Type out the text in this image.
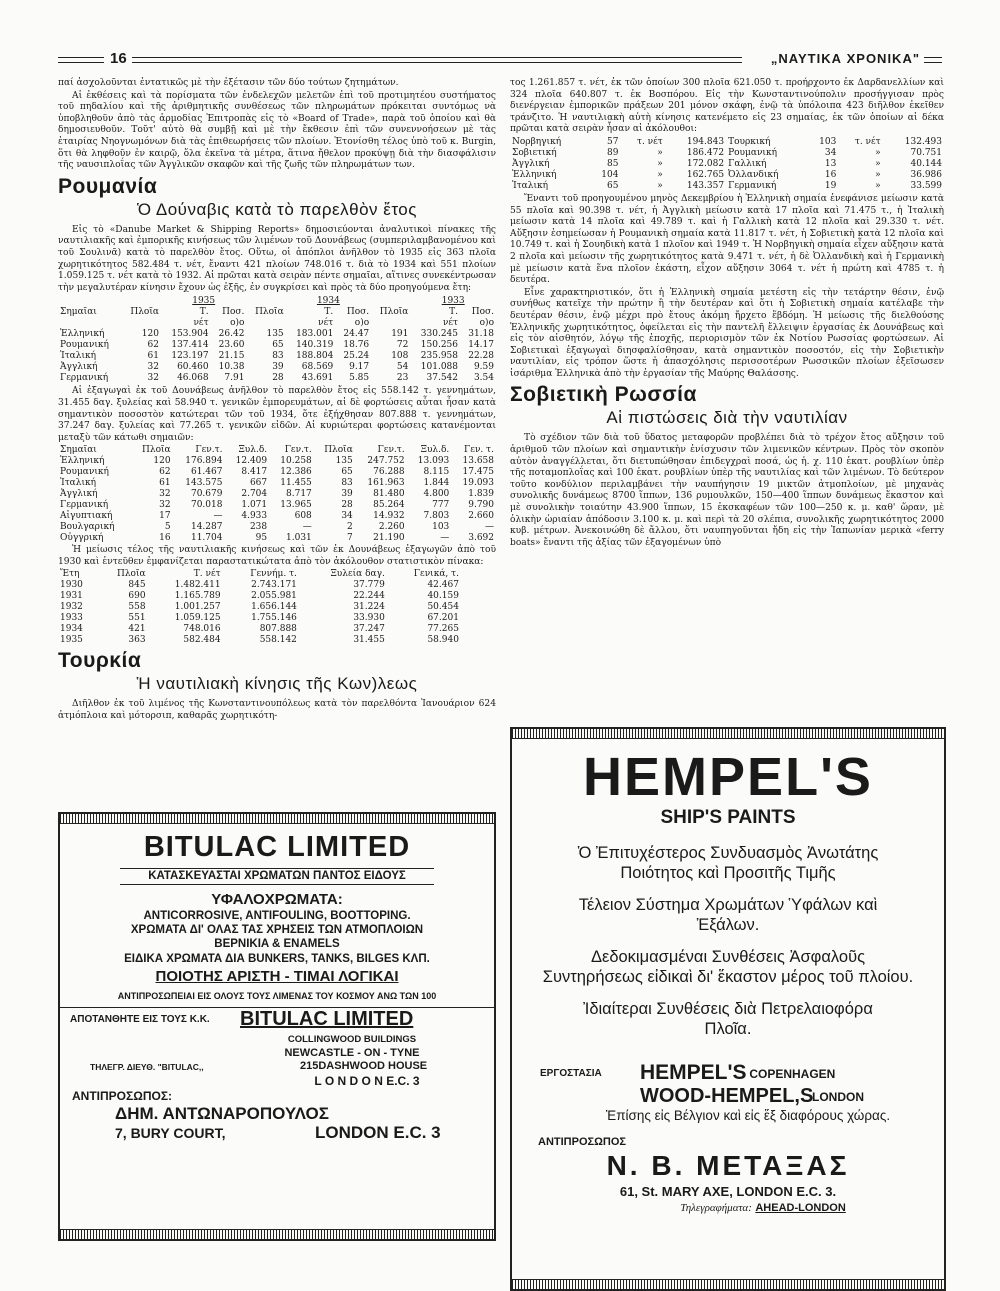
16	„ΝΑΥΤΙΚΑ ΧΡΟΝΙΚΑ"

παί ἀσχολοῦνται ἐντατικῶς μὲ τὴν ἐξέτασιν τῶν δύο τούτων ζητημάτων.

Αἱ ἐκθέσεις καὶ τὰ πορίσματα τῶν ἐνδελεχῶν μελετῶν ἐπὶ τοῦ προτιμητέου συστήματος τοῦ πηδαλίου καὶ τῆς ἀριθμητικῆς συνθέσεως τῶν πληρωμάτων πρόκειται συντόμως νὰ ὑποβληθοῦν ἀπὸ τὰς ἁρμοδίας Ἐπιτροπὰς εἰς τὸ «Board of Trade», παρὰ τοῦ ὁποίου καὶ θὰ δημοσιευθοῦν. Τοῦτ' αὐτὸ θὰ συμβῇ καὶ μὲ τὴν ἔκθεσιν ἐπὶ τῶν συνεννοήσεων μὲ τὰς ἑταιρίας Νηογνωμόνων διὰ τὰς ἐπιθεωρήσεις τῶν πλοίων. Ἐτονίσθη τέλος ὑπὸ τοῦ κ. Burgin, ὅτι θὰ ληφθοῦν ἐν καιρῷ, ὅλα ἐκεῖνα τὰ μέτρα, ἅτινα ἤθελον προκύψῃ διὰ τὴν διασφάλισιν τῆς ναυσιπλοΐας τῶν Ἀγγλικῶν σκαφῶν καὶ τῆς ζωῆς τῶν πληρωμάτων των.

Ρουμανία
Ὁ Δούναβις κατὰ τὸ παρελθὸν ἔτος

Εἰς τὸ «Danube Market & Shipping Reports» δημοσιεύονται ἀναλυτικοὶ πίνακες τῆς ναυτιλιακῆς καὶ ἐμπορικῆς κινήσεως τῶν λιμένων τοῦ Δουνάβεως (συμπεριλαμβανομένου καὶ τοῦ Σουλινᾶ) κατὰ τὸ παρελθὸν ἔτος. Οὕτω, οἱ ἀπόπλοι ἀνῆλθον τὸ 1935 εἰς 363 πλοῖα χωρητικότητος 582.484 τ. νέτ, ἔναντι 421 πλοίων 748.016 τ. διὰ τὸ 1934 καὶ 551 πλοίων 1.059.125 τ. νέτ κατὰ τὸ 1932. Αἱ πρῶται κατὰ σειρὰν πέντε σημαῖαι, αἵτινες συνεκέντρωσαν τὴν μεγαλυτέραν κίνησιν ἔχουν ὡς ἑξῆς, ἐν συγκρίσει καὶ πρὸς τὰ δύο προηγούμενα ἔτη:

		1935			1934			1933	
Σημαῖαι	Πλοῖα	Τ.	Ποσ.	Πλοῖα	Τ.	Ποσ.	Πλοῖα	Τ.	Ποσ.
		νέτ	ο)ο		νέτ	ο)ο		νέτ	ο)ο
Ἑλληνική	120	153.904	26.42	135	183.001	24.47	191	330.245	31.18
Ρουμανική	62	137.414	23.60	65	140.319	18.76	72	150.256	14.17
Ἰταλική	61	123.197	21.15	83	188.804	25.24	108	235.958	22.28
Ἀγγλική	32	60.460	10.38	39	68.569	9.17	54	101.088	9.59
Γερμανική	32	46.068	7.91	28	43.691	5.85	23	37.542	3.54

Αἱ ἐξαγωγαὶ ἐκ τοῦ Δουνάβεως ἀνῆλθον τὸ παρελθὸν ἔτος εἰς 558.142 τ. γεννημάτων, 31.455 δαγ. ξυλείας καὶ 58.940 τ. γενικῶν ἐμπορευμάτων, αἱ δὲ φορτώσεις αὗται ἦσαν κατὰ σημαντικὸν ποσοστὸν κατώτεραι τῶν τοῦ 1934, ὅτε ἐξήχθησαν 807.888 τ. γεννημάτων, 37.247 δαγ. ξυλείας καὶ 77.265 τ. γενικῶν εἰδῶν. Αἱ κυριώτεραι φορτώσεις κατανέμονται μεταξὺ τῶν κάτωθι σημαιῶν:

Σημαῖαι	Πλοῖα	Γεν.τ.	Ξυλ.δ.	Γεν.τ.	Πλοῖα	Γεν.τ.	Ξυλ.δ.	Γεν. τ.
Ἑλληνική	120	176.894	12.409	10.258	135	247.752	13.093	13.658
Ρουμανική	62	61.467	8.417	12.386	65	76.288	8.115	17.475
Ἰταλική	61	143.575	667	11.455	83	161.963	1.844	19.093
Ἀγγλική	32	70.679	2.704	8.717	39	81.480	4.800	1.839
Γερμανική	32	70.018	1.071	13.965	28	85.264	777	9.790
Αἰγυπτιακή	17	—	4.933	608	34	14.932	7.803	2.660
Βουλγαρική	5	14.287	238	—	2	2.260	103	—
Οὐγγρική	16	11.704	95	1.031	7	21.190	—	3.692

Ἡ μείωσις τέλος τῆς ναυτιλιακῆς κινήσεως καὶ τῶν ἐκ Δουνάβεως ἐξαγωγῶν ἀπὸ τοῦ 1930 καὶ ἐντεῦθεν ἐμφανίζεται παραστατικώτατα ἀπὸ τὸν ἀκόλουθον στατιστικὸν πίνακα:

Ἔτη	Πλοῖα	Τ. νέτ	Γεννήμ. τ.	Ξυλεία δαγ.	Γενικά, τ.
1930	845	1.482.411	2.743.171	37.779	42.467
1931	690	1.165.789	2.055.981	22.244	40.159
1932	558	1.001.257	1.656.144	31.224	50.454
1933	551	1.059.125	1.755.146	33.930	67.201
1934	421	748.016	807.888	37.247	77.265
1935	363	582.484	558.142	31.455	58.940
Τουρκία
Ἡ ναυτιλιακὴ κίνησις τῆς Κων)λεως

Διῆλθον ἐκ τοῦ λιμένος τῆς Κωνσταντινουπόλεως κατὰ τὸν παρελθόντα Ἰανουάριον 624 ἀτμόπλοια καὶ μότορσιπ, καθαρᾶς χωρητικότη-

BITULAC LIMITED
ΚΑΤΑΣΚΕΥΑΣΤΑΙ ΧΡΩΜΑΤΩΝ ΠΑΝΤΟΣ ΕΙΔΟΥΣ
ΥΦΑΛΟΧΡΩΜΑΤΑ:
ANTICORROSIVE, ANTIFOULING, BOOTTOPING.
ΧΡΩΜΑΤΑ ΔΙ' ΟΛΑΣ ΤΑΣ ΧΡΗΣΕΙΣ ΤΩΝ ΑΤΜΟΠΛΟΙΩΝ
BEPNIKIA & ENAMELS
ΕΙΔΙΚΑ ΧΡΩΜΑΤΑ ΔΙΑ BUNKERS, TANKS, BILGES ΚΛΠ.
ΠΟΙΟΤΗΣ ΑΡΙΣΤΗ - ΤΙΜΑΙ ΛΟΓΙΚΑΙ
ΑΝΤΙΠΡΟΣΩΠΕΙΑΙ ΕΙΣ ΟΛΟΥΣ ΤΟΥΣ ΛΙΜΕΝΑΣ ΤΟΥ ΚΟΣΜΟΥ ΑΝΩ ΤΩΝ 100
ΑΠΟΤΑΝΘΗΤΕ ΕΙΣ ΤΟΥΣ Κ.Κ. BITULAC LIMITED
COLLINGWOOD BUILDINGS
NEWCASTLE - ON - TYNE
ΤΗΛΕΓΡ. ΔΙΕΥΘ. "BITULAC,,	215DASHWOOD HOUSE
L O N D O N E.C. 3
ΑΝΤΙΠΡΟΣΩΠΟΣ:
ΔΗΜ. ΑΝΤΩΝΑΡΟΠΟΥΛΟΣ
7, BURY COURT,	LONDON E.C. 3

τος 1.261.857 τ. νέτ, ἐκ τῶν ὁποίων 300 πλοῖα 621.050 τ. προήρχοντο ἐκ Δαρδανελλίων καὶ 324 πλοῖα 640.807 τ. ἐκ Βοσπόρου. Εἰς τὴν Κωνσταντινούπολιν προσήγγισαν πρὸς διενέργειαν ἐμπορικῶν πράξεων 201 μόνον σκάφη, ἐνῷ τὰ ὑπόλοιπα 423 διῆλθον ἐκεῖθεν τράνζιτο. Ἡ ναυτιλιακὴ αὐτὴ κίνησις κατενέμετο εἰς 23 σημαίας, ἐκ τῶν ὁποίων αἱ δέκα πρῶται κατὰ σειρὰν ἦσαν αἱ ἀκόλουθοι:

Νορβηγική	57	τ. νέτ	194.843	Τουρκική	103	τ. νέτ	132.493
Σοβιετική	89	»	186.472	Ρουμανική	34	»	70.751
Ἀγγλική	85	»	172.082	Γαλλική	13	»	40.144
Ἑλληνική	104	»	162.765	Ὀλλανδική	16	»	36.986
Ἰταλική	65	»	143.357	Γερμανική	19	»	33.599

Ἔναντι τοῦ προηγουμένου μηνὸς Δεκεμβρίου ἡ Ἑλληνικὴ σημαία ἐνεφάνισε μείωσιν κατὰ 55 πλοῖα καὶ 90.398 τ. νέτ, ἡ Ἀγγλικὴ μείωσιν κατὰ 17 πλοῖα καὶ 71.475 τ., ἡ Ἰταλικὴ μείωσιν κατὰ 14 πλοῖα καὶ 49.789 τ. καὶ ἡ Γαλλικὴ κατὰ 12 πλοῖα καὶ 29.330 τ. νέτ. Αὔξησιν ἐσημείωσαν ἡ Ρουμανικὴ σημαία κατὰ 11.817 τ. νέτ, ἡ Σοβιετικὴ κατὰ 12 πλοῖα καὶ 10.749 τ. καὶ ἡ Σουηδικὴ κατὰ 1 πλοῖον καὶ 1949 τ. Ἡ Νορβηγικὴ σημαία εἶχεν αὔξησιν κατὰ 2 πλοῖα καὶ μείωσιν τῆς χωρητικότητος κατὰ 9.471 τ. νέτ, ἡ δὲ Ὀλλανδικὴ καὶ ἡ Γερμανικὴ μὲ μείωσιν κατὰ ἕνα πλοῖον ἑκάστη, εἶχον αὔξησιν 3064 τ. νέτ ἡ πρώτη καὶ 4785 τ. ἡ δευτέρα.

Εἶνε χαρακτηριστικόν, ὅτι ἡ Ἑλληνικὴ σημαία μετέστη εἰς τὴν τετάρτην θέσιν, ἐνῷ συνήθως κατεῖχε τὴν πρώτην ἢ τὴν δευτέραν καὶ ὅτι ἡ Σοβιετικὴ σημαία κατέλαβε τὴν δευτέραν θέσιν, ἐνῷ μέχρι πρὸ ἔτους ἀκόμη ἤρχετο ἕβδόμη. Ἡ μείωσις τῆς διελθούσης Ἑλληνικῆς χωρητικότητος, ὀφείλεται εἰς τὴν παντελῆ ἔλλειψιν ἐργασίας ἐκ Δουνάβεως καὶ εἰς τὸν αἰσθητόν, λόγῳ τῆς ἐποχῆς, περιορισμὸν τῶν ἐκ Νοτίου Ρωσσίας φορτώσεων. Αἱ Σοβιετικαὶ ἐξαγωγαὶ διησφαλίσθησαν, κατὰ σημαντικὸν ποσοστόν, εἰς τὴν Σοβιετικὴν ναυτιλίαν, εἰς τρόπον ὥστε ἡ ἀπασχόλησις περισσοτέρων Ρωσσικῶν πλοίων ἐξεῖσωσεν ἰσάριθμα Ἑλληνικὰ ἀπὸ τὴν ἐργασίαν τῆς Μαύρης Θαλάσσης.

Σοβιετικὴ Ρωσσία
Αἱ πιστώσεις διὰ τὴν ναυτιλίαν

Τὸ σχέδιον τῶν διὰ τοῦ ὕδατος μεταφορῶν προβλέπει διὰ τὸ τρέχον ἔτος αὔξησιν τοῦ ἀριθμοῦ τῶν πλοίων καὶ σημαντικὴν ἐνίσχυσιν τῶν λιμενικῶν κέντρων. Πρὸς τὸν σκοπὸν αὐτὸν ἀναγγέλλεται, ὅτι διετυπώθησαν ἐπιδεγχραὶ ποσά, ὡς ἡ. χ. 110 ἑκατ. ρουβλίων ὑπὲρ τῆς ποταμοπλοΐας καὶ 100 ἑκατ. ρουβλίων ὑπὲρ τῆς ναυτιλίας καὶ τῶν λιμένων. Τὸ δεύτερον τοῦτο κονδύλιον περιλαμβάνει τὴν ναυπήγησιν 19 μικτῶν ἀτμοπλοίων, μὲ μηχανὰς συνολικῆς δυνάμεως 8700 ἵππων, 136 ρυμουλκῶν, 150—400 ἵππων δυνάμεως ἕκαστον καὶ μὲ συνολικὴν τοιαύτην 43.900 ἵππων, 15 ἐκσκαφέων τῶν 100—250 κ. μ. καθ' ὥραν, μὲ ὁλικὴν ὡριαίαν ἀπόδοσιν 3.100 κ. μ. καὶ περὶ τὰ 20 σλέπια, συνολικῆς χωρητικότητος 2000 κυβ. μέτρων. Ἀνεκοινώθη δὲ ἄλλου, ὅτι ναυπηγοῦνται ἤδη εἰς τὴν Ἰαπωνίαν μερικὰ «ferry boats» ἔναντι τῆς ἀξίας τῶν ἐξαγομένων ὑπὸ

HEMPEL'S
SHIP'S PAINTS
Ὁ Ἐπιτυχέστερος Συνδυασμὸς Ἀνωτάτης Ποιότητος καὶ Προσιτῆς Τιμῆς
Τέλειον Σύστημα Χρωμάτων Ὑφάλων καὶ Ἐξάλων.
Δεδοκιμασμέναι Συνθέσεις Ἀσφαλοῦς Συντηρήσεως εἰδικαὶ δι' ἕκαστον μέρος τοῦ πλοίου.
Ἰδιαίτεραι Συνθέσεις διὰ Πετρελαιοφόρα Πλοῖα.
ΕΡΓΟΣΤΑΣΙΑ HEMPEL'S
- COPENHAGEN
WOOD-HEMPEL,S
LONDON
Ἐπίσης εἰς Βέλγιον καὶ εἰς ἕξ διαφόρους χώρας.
ΑΝΤΙΠΡΟΣΩΠΟΣ
Ν. Β. ΜΕΤΑΞΑΣ
61, St. MARY AXE, LONDON E.C. 3.
Τηλεγραφήματα: AHEAD-LONDON
